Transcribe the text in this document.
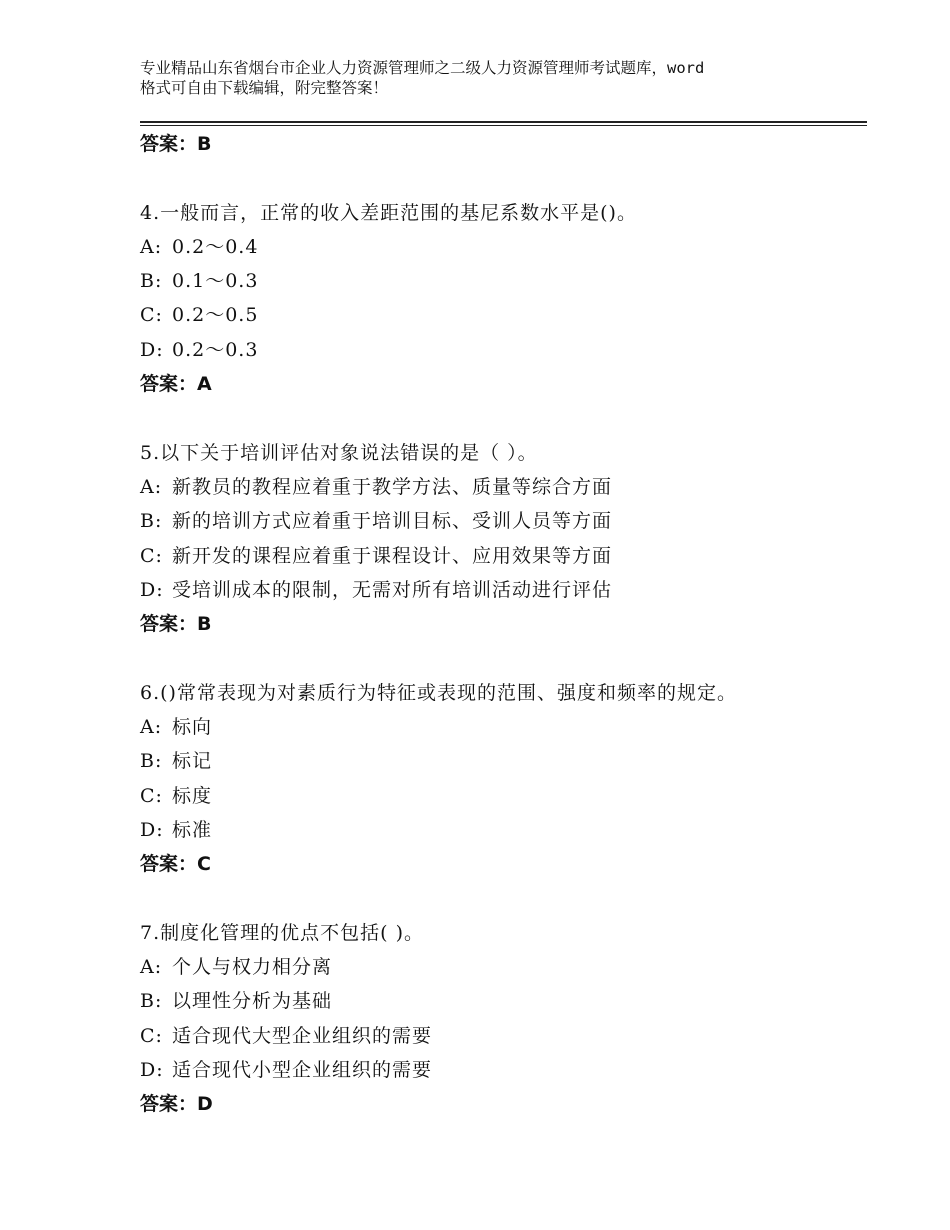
专业精品山东省烟台市企业人力资源管理师之二级人力资源管理师考试题库，word
格式可自由下载编辑，附完整答案！
答案：B
4.一般而言，正常的收入差距范围的基尼系数水平是()。
A: 0.2～0.4
B: 0.1～0.3
C: 0.2～0.5
D: 0.2～0.3
答案：A
5.以下关于培训评估对象说法错误的是（ ）。
A: 新教员的教程应着重于教学方法、质量等综合方面
B: 新的培训方式应着重于培训目标、受训人员等方面
C: 新开发的课程应着重于课程设计、应用效果等方面
D: 受培训成本的限制，无需对所有培训活动进行评估
答案：B
6.()常常表现为对素质行为特征或表现的范围、强度和频率的规定。
A: 标向
B: 标记
C: 标度
D: 标准
答案：C
7.制度化管理的优点不包括( )。
A: 个人与权力相分离
B: 以理性分析为基础
C: 适合现代大型企业组织的需要
D: 适合现代小型企业组织的需要
答案：D
